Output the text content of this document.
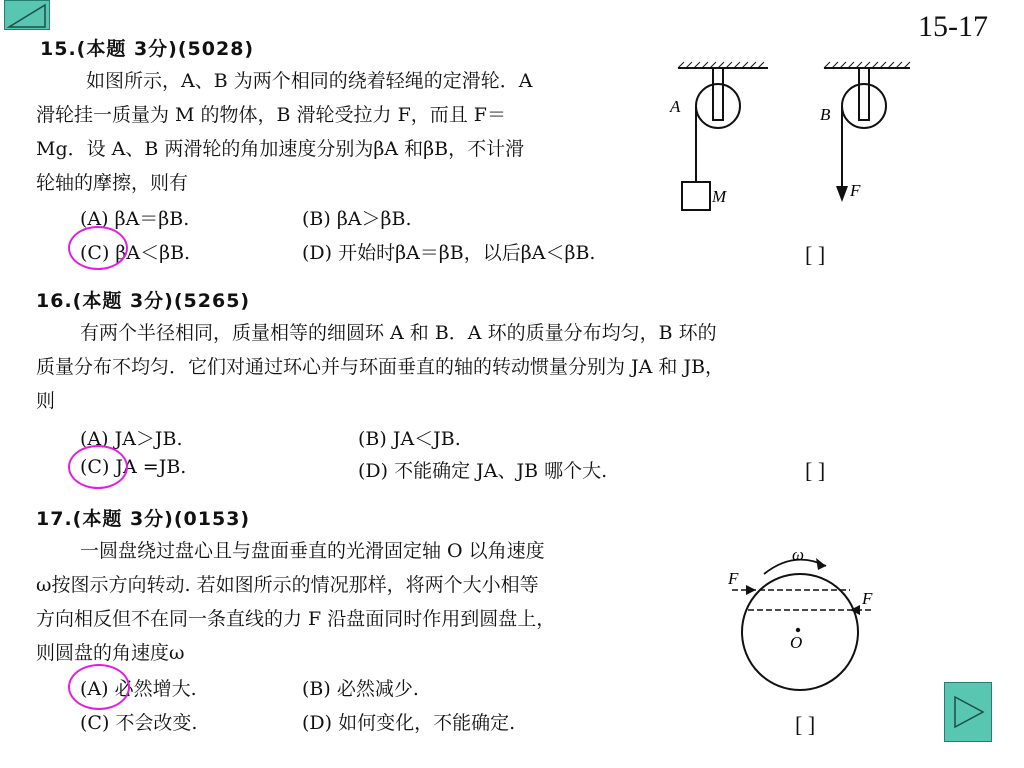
15-17
15.(本题 3分)(5028)
如图所示，A、B 为两个相同的绕着轻绳的定滑轮．A
滑轮挂一质量为 M 的物体，B 滑轮受拉力 F，而且 F＝
Mg．设 A、B 两滑轮的角加速度分别为βA 和βB，不计滑
轮轴的摩擦，则有
(A) βA＝βB.	(B) βA＞βB.
(C) βA＜βB.	(D) 开始时βA＝βB，以后βA＜βB.	[ ]
A
M
B
F
16.(本题 3分)(5265)
有两个半径相同，质量相等的细圆环 A 和 B．A 环的质量分布均匀，B 环的
质量分布不均匀．它们对通过环心并与环面垂直的轴的转动惯量分别为 JA 和 JB，
则
(A) JA＞JB.	(B) JA＜JB.
(C) JA =JB.	(D) 不能确定 JA、JB 哪个大.	[ ]
17.(本题 3分)(0153)
一圆盘绕过盘心且与盘面垂直的光滑固定轴 O 以角速度
ω按图示方向转动. 若如图所示的情况那样，将两个大小相等
方向相反但不在同一条直线的力 F 沿盘面同时作用到圆盘上，
则圆盘的角速度ω
(A) 必然增大.	(B) 必然减少.
(C) 不会改变.	(D) 如何变化，不能确定.	[ ]
ω
F
F
O
